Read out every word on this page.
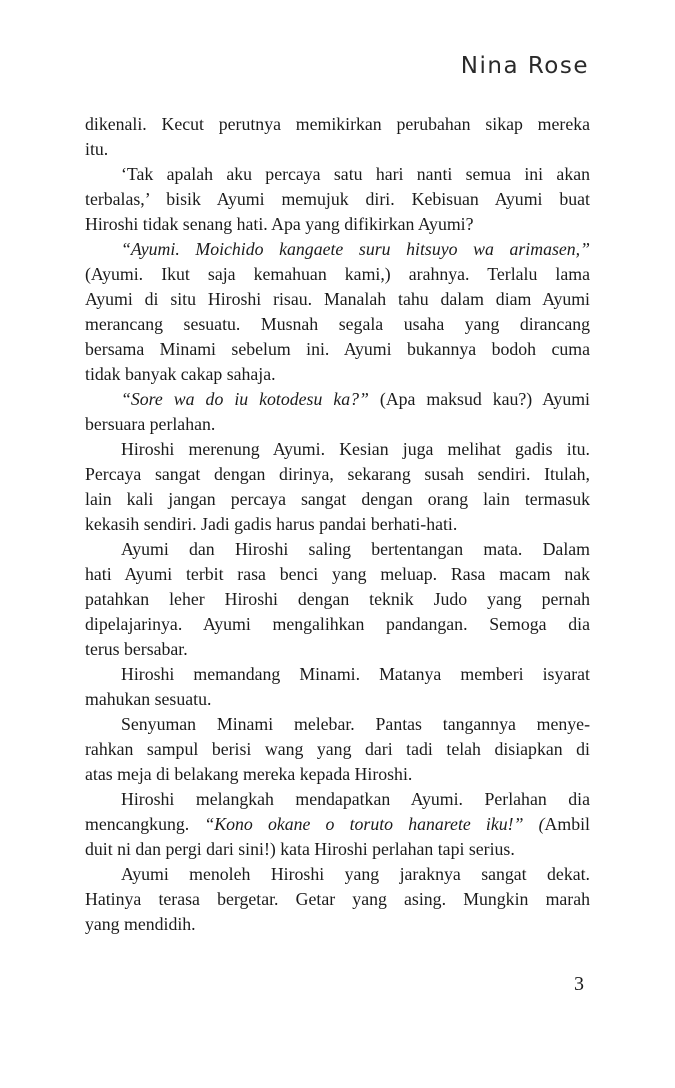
Nina Rose
dikenali. Kecut perutnya memikirkan perubahan sikap mereka
itu.
‘Tak apalah aku percaya satu hari nanti semua ini akan
terbalas,’ bisik Ayumi memujuk diri. Kebisuan Ayumi buat
Hiroshi tidak senang hati. Apa yang difikirkan Ayumi?
“Ayumi. Moichido kangaete suru hitsuyo wa arimasen,”
(Ayumi. Ikut saja kemahuan kami,) arahnya. Terlalu lama
Ayumi di situ Hiroshi risau. Manalah tahu dalam diam Ayumi
merancang sesuatu. Musnah segala usaha yang dirancang
bersama Minami sebelum ini. Ayumi bukannya bodoh cuma
tidak banyak cakap sahaja.
“Sore wa do iu kotodesu ka?” (Apa maksud kau?) Ayumi
bersuara perlahan.
Hiroshi merenung Ayumi. Kesian juga melihat gadis itu.
Percaya sangat dengan dirinya, sekarang susah sendiri. Itulah,
lain kali jangan percaya sangat dengan orang lain termasuk
kekasih sendiri. Jadi gadis harus pandai berhati-hati.
Ayumi dan Hiroshi saling bertentangan mata. Dalam
hati Ayumi terbit rasa benci yang meluap. Rasa macam nak
patahkan leher Hiroshi dengan teknik Judo yang pernah
dipelajarinya. Ayumi mengalihkan pandangan. Semoga dia
terus bersabar.
Hiroshi memandang Minami. Matanya memberi isyarat
mahukan sesuatu.
Senyuman Minami melebar. Pantas tangannya menye-
rahkan sampul berisi wang yang dari tadi telah disiapkan di
atas meja di belakang mereka kepada Hiroshi.
Hiroshi melangkah mendapatkan Ayumi. Perlahan dia
mencangkung. “Kono okane o toruto hanarete iku!” (Ambil
duit ni dan pergi dari sini!) kata Hiroshi perlahan tapi serius.
Ayumi menoleh Hiroshi yang jaraknya sangat dekat.
Hatinya terasa bergetar. Getar yang asing. Mungkin marah
yang mendidih.
3
